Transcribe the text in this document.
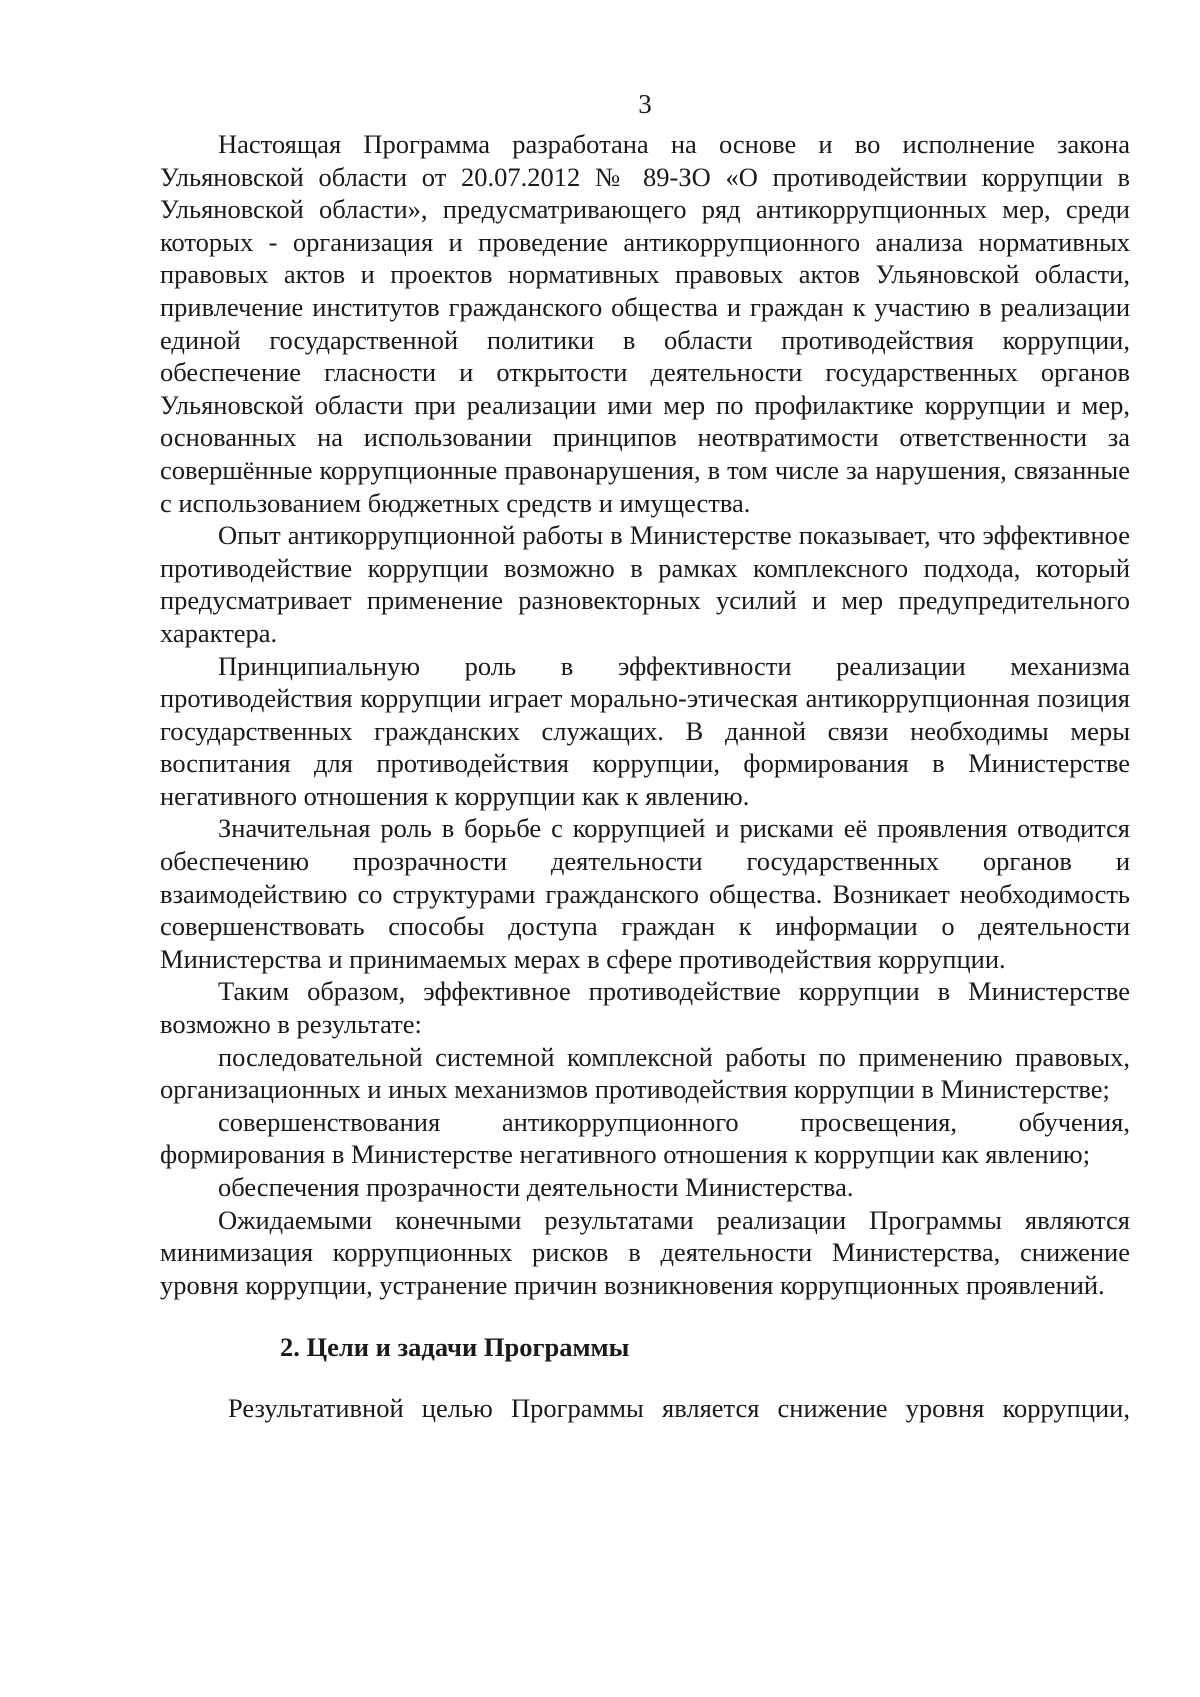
3

Настоящая Программа разработана на основе и во исполнение закона Ульяновской области от 20.07.2012 № 89-ЗО «О противодействии коррупции в Ульяновской области», предусматривающего ряд антикоррупционных мер, среди которых - организация и проведение антикоррупционного анализа нормативных правовых актов и проектов нормативных правовых актов Ульяновской области, привлечение институтов гражданского общества и граждан к участию в реализации единой государственной политики в области противодействия коррупции, обеспечение гласности и открытости деятельности государственных органов Ульяновской области при реализации ими мер по профилактике коррупции и мер, основанных на использовании принципов неотвратимости ответственности за совершённые коррупционные правонарушения, в том числе за нарушения, связанные с использованием бюджетных средств и имущества.

Опыт антикоррупционной работы в Министерстве показывает, что эффективное противодействие коррупции возможно в рамках комплексного подхода, который предусматривает применение разновекторных усилий и мер предупредительного характера.

Принципиальную роль в эффективности реализации механизма противодействия коррупции играет морально-этическая антикоррупционная позиция государственных гражданских служащих. В данной связи необходимы меры воспитания для противодействия коррупции, формирования в Министерстве негативного отношения к коррупции как к явлению.

Значительная роль в борьбе с коррупцией и рисками её проявления отводится обеспечению прозрачности деятельности государственных органов и взаимодействию со структурами гражданского общества. Возникает необходимость совершенствовать способы доступа граждан к информации о деятельности Министерства и принимаемых мерах в сфере противодействия коррупции.

Таким образом, эффективное противодействие коррупции в Министерстве возможно в результате:

последовательной системной комплексной работы по применению правовых, организационных и иных механизмов противодействия коррупции в Министерстве;

совершенствования антикоррупционного просвещения, обучения, формирования в Министерстве негативного отношения к коррупции как явлению;

обеспечения прозрачности деятельности Министерства.

Ожидаемыми конечными результатами реализации Программы являются минимизация коррупционных рисков в деятельности Министерства, снижение уровня коррупции, устранение причин возникновения коррупционных проявлений.

2. Цели и задачи Программы

Результативной целью Программы является снижение уровня коррупции,
